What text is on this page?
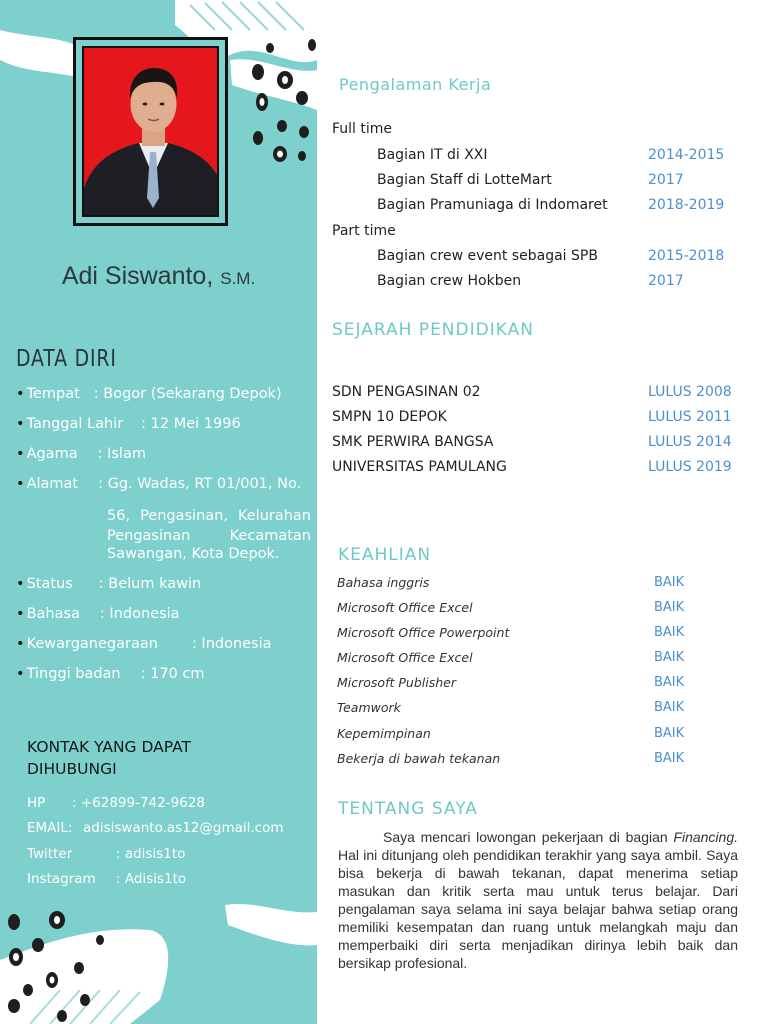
Adi Siswanto, S.M.
DATA DIRI
• Tempat : Bogor (Sekarang Depok)
• Tanggal Lahir : 12 Mei 1996
• Agama : Islam
• Alamat : Gg. Wadas, RT 01/001, No.
56, Pengasinan, Kelurahan
Pengasinan Kecamatan
Sawangan, Kota Depok.
• Status : Belum kawin
• Bahasa : Indonesia
• Kewarganegaraan : Indonesia
• Tinggi badan : 170 cm
KONTAK YANG DAPAT
DIHUBUNGI
HP : +62899-742-9628
EMAIL: adisiswanto.as12@gmail.com
Twitter	: adisis1to
Instagram : Adisis1to
Pengalaman Kerja
Full time
Bagian IT di XXI	2014-2015
Bagian Staff di LotteMart	2017
Bagian Pramuniaga di Indomaret	2018-2019
Part time
Bagian crew event sebagai SPB	2015-2018
Bagian crew Hokben	2017
SEJARAH PENDIDIKAN
SDN PENGASINAN 02	LULUS 2008
SMPN 10 DEPOK	LULUS 2011
SMK PERWIRA BANGSA	LULUS 2014
UNIVERSITAS PAMULANG	LULUS 2019
KEAHLIAN
Bahasa inggris	BAIK
Microsoft Office Excel	BAIK
Microsoft Office Powerpoint	BAIK
Microsoft Office Excel	BAIK
Microsoft Publisher	BAIK
Teamwork	BAIK
Kepemimpinan	BAIK
Bekerja di bawah tekanan	BAIK
TENTANG SAYA
Saya mencari lowongan pekerjaan di bagian Financing. Hal ini ditunjang oleh pendidikan terakhir yang saya ambil. Saya bisa bekerja di bawah tekanan, dapat menerima setiap masukan dan kritik serta mau untuk terus belajar. Dari pengalaman saya selama ini saya belajar bahwa setiap orang memiliki kesempatan dan ruang untuk melangkah maju dan memperbaiki diri serta menjadikan dirinya lebih baik dan bersikap profesional.
